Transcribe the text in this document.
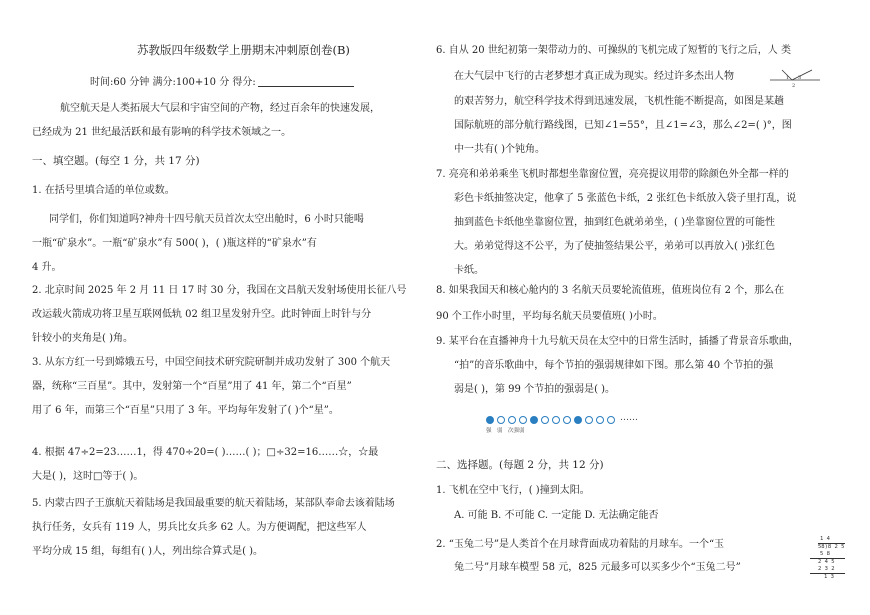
苏教版四年级数学上册期末冲刺原创卷(B)
时间:60 分钟 满分:100+10 分 得分:
航空航天是人类拓展大气层和宇宙空间的产物，经过百余年的快速发展，
已经成为 21 世纪最活跃和最有影响的科学技术领域之一。
一、填空题。(每空 1 分，共 17 分)
1. 在括号里填合适的单位或数。
同学们，你们知道吗?神舟十四号航天员首次太空出舱时，6 小时只能喝
一瓶“矿泉水”。一瓶“矿泉水”有 500( )，( )瓶这样的“矿泉水”有
4 升。
2. 北京时间 2025 年 2 月 11 日 17 时 30 分，我国在文昌航天发射场使用长征八号
改运载火箭成功将卫星互联网低轨 02 组卫星发射升空。此时钟面上时针与分
针较小的夹角是( )角。
3. 从东方红一号到嫦娥五号，中国空间技术研究院研制并成功发射了 300 个航天
器，统称“三百星”。其中，发射第一个“百星”用了 41 年，第二个“百星”
用了 6 年，而第三个“百星”只用了 3 年。平均每年发射了( )个“星”。
4. 根据 47÷2=23……1，得 470÷20=( )……( )；□÷32=16……☆，☆最
大是( )，这时□等于( )。
5. 内蒙古四子王旗航天着陆场是我国最重要的航天着陆场，某部队奉命去该着陆场
执行任务，女兵有 119 人，男兵比女兵多 62 人。为方便调配，把这些军人
平均分成 15 组，每组有( )人，列出综合算式是( )。
6. 自从 20 世纪初第一架带动力的、可操纵的飞机完成了短暂的飞行之后，人 类
在大气层中飞行的古老梦想才真正成为现实。经过许多杰出人物
的艰苦努力，航空科学技术得到迅速发展，飞机性能不断提高，如图是某趟
国际航班的部分航行路线图，已知∠1=55°，且∠1=∠3，那么∠2=( )°，图
中一共有( )个钝角。
7. 亮亮和弟弟乘坐飞机时都想坐靠窗位置，亮亮提议用带的除颜色外全都一样的
彩色卡纸抽签决定，他拿了 5 张蓝色卡纸，2 张红色卡纸放入袋子里打乱，说
抽到蓝色卡纸他坐靠窗位置，抽到红色就弟弟坐，( )坐靠窗位置的可能性
大。弟弟觉得这不公平，为了使抽签结果公平，弟弟可以再放入( )张红色
卡纸。
8. 如果我国天和核心舱内的 3 名航天员要轮流值班，值班岗位有 2 个，那么在
90 个工作小时里，平均每名航天员要值班( )小时。
9. 某平台在直播神舟十九号航天员在太空中的日常生活时，插播了背景音乐歌曲，
“拍”的音乐歌曲中，每个节拍的强弱规律如下图。那么第 40 个节拍的强
弱是( )，第 99 个节拍的强弱是( )。
二、选择题。(每题 2 分，共 12 分)
1. 飞机在空中飞行，( )撞到太阳。
A. 可能 B. 不可能 C. 一定能 D. 无法确定能否
2. “玉兔二号”是人类首个在月球背面成功着陆的月球车。一个“玉
兔二号”月球车模型 58 元，825 元最多可以买多少个“玉兔二号”
1
2
3
……
强 弱 次强 弱
1 4
58)8 2 5
5 8
2 4 5
2 3 2
1 3
